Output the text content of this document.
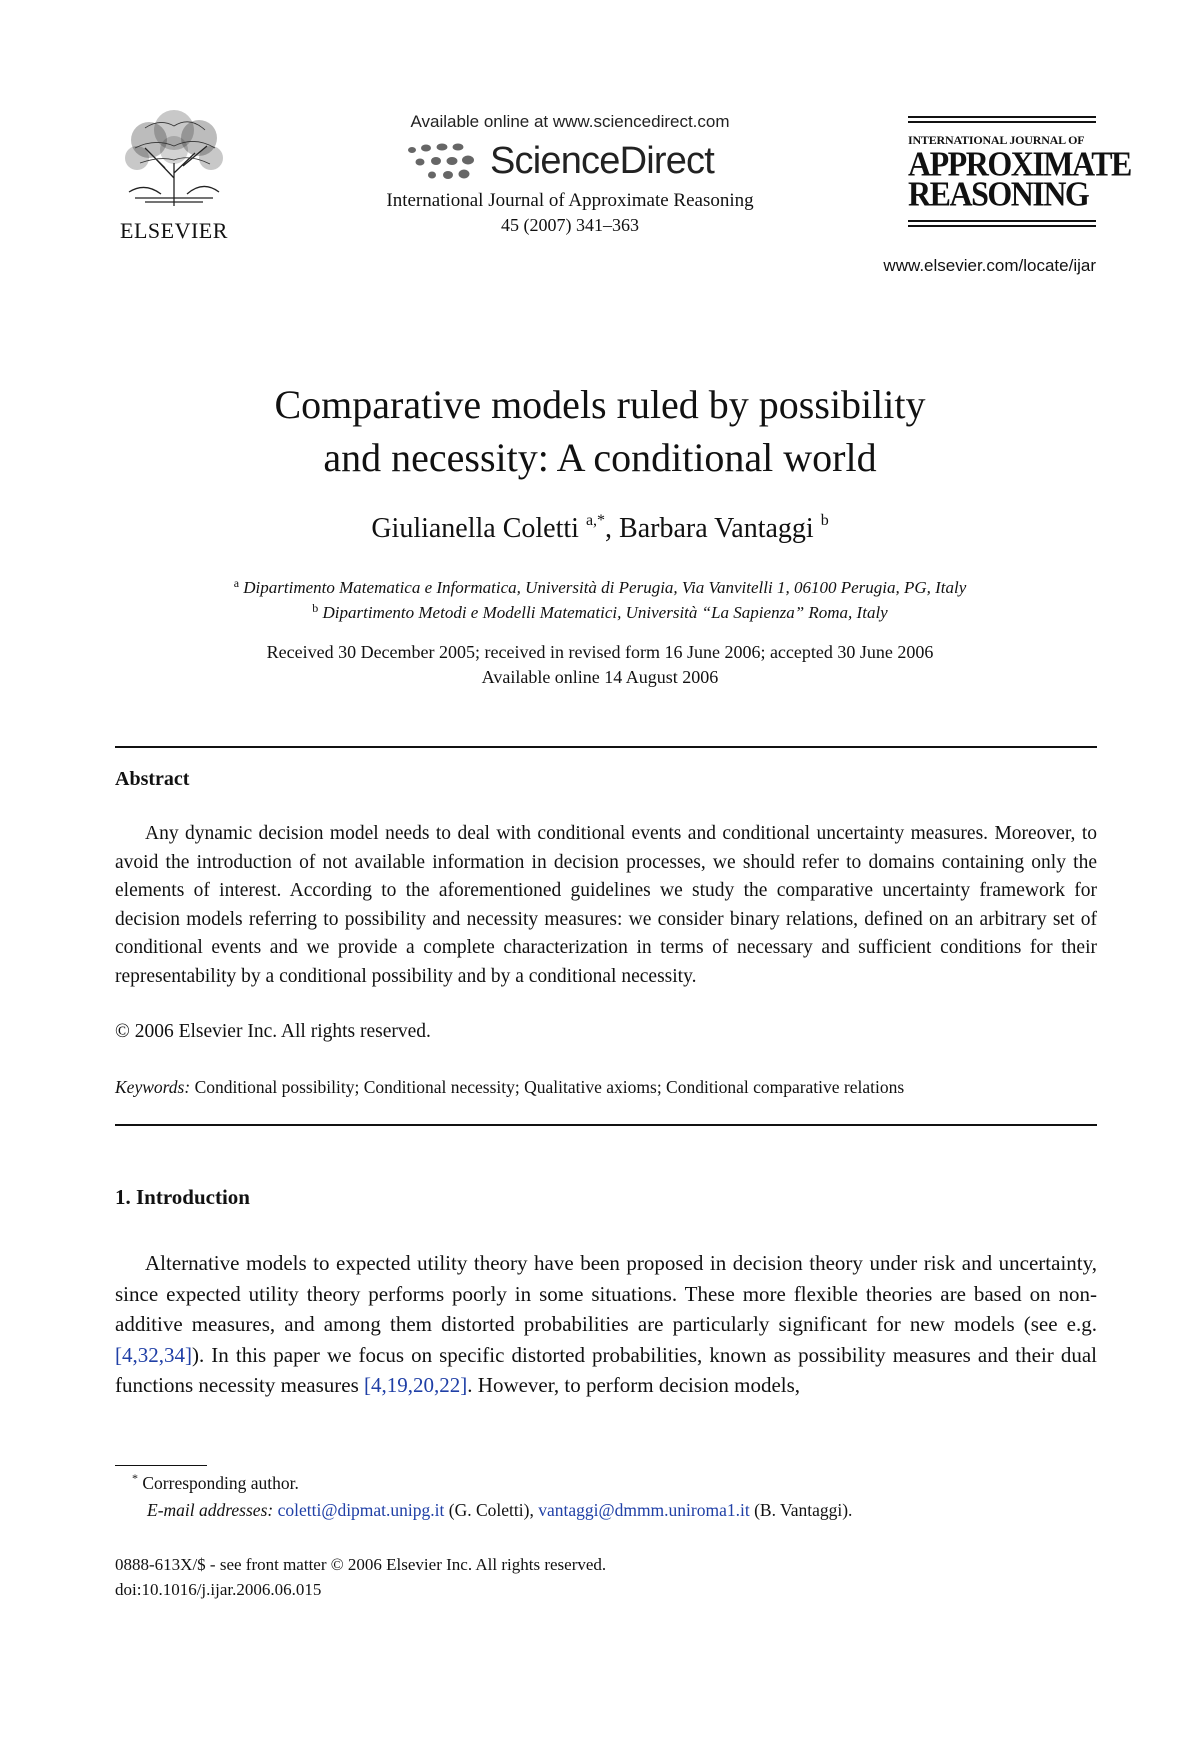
ELSEVIER
Available online at www.sciencedirect.com
ScienceDirect
International Journal of Approximate Reasoning
45 (2007) 341–363
INTERNATIONAL JOURNAL OF
APPROXIMATE
REASONING
www.elsevier.com/locate/ijar
Comparative models ruled by possibility
and necessity: A conditional world
Giulianella Coletti $^{a,*}$, Barbara Vantaggi $^b$
$^a$ Dipartimento Matematica e Informatica, Università di Perugia, Via Vanvitelli 1, 06100 Perugia, PG, Italy
$^b$ Dipartimento Metodi e Modelli Matematici, Università “La Sapienza” Roma, Italy
Received 30 December 2005; received in revised form 16 June 2006; accepted 30 June 2006
Available online 14 August 2006
Abstract

Any dynamic decision model needs to deal with conditional events and conditional uncertainty measures. Moreover, to avoid the introduction of not available information in decision processes, we should refer to domains containing only the elements of interest. According to the aforementioned guidelines we study the comparative uncertainty framework for decision models referring to possibility and necessity measures: we consider binary relations, defined on an arbitrary set of conditional events and we provide a complete characterization in terms of necessary and sufficient conditions for their representability by a conditional possibility and by a conditional necessity.

© 2006 Elsevier Inc. All rights reserved.
Keywords: Conditional possibility; Conditional necessity; Qualitative axioms; Conditional comparative relations
1. Introduction

Alternative models to expected utility theory have been proposed in decision theory under risk and uncertainty, since expected utility theory performs poorly in some situations. These more flexible theories are based on non-additive measures, and among them distorted probabilities are particularly significant for new models (see e.g. [4,32,34]). In this paper we focus on specific distorted probabilities, known as possibility measures and their dual functions necessity measures [4,19,20,22]. However, to perform decision models,

* Corresponding author.
E-mail addresses: coletti@dipmat.unipg.it (G. Coletti), vantaggi@dmmm.uniroma1.it (B. Vantaggi).
0888-613X/$ - see front matter © 2006 Elsevier Inc. All rights reserved.
doi:10.1016/j.ijar.2006.06.015
